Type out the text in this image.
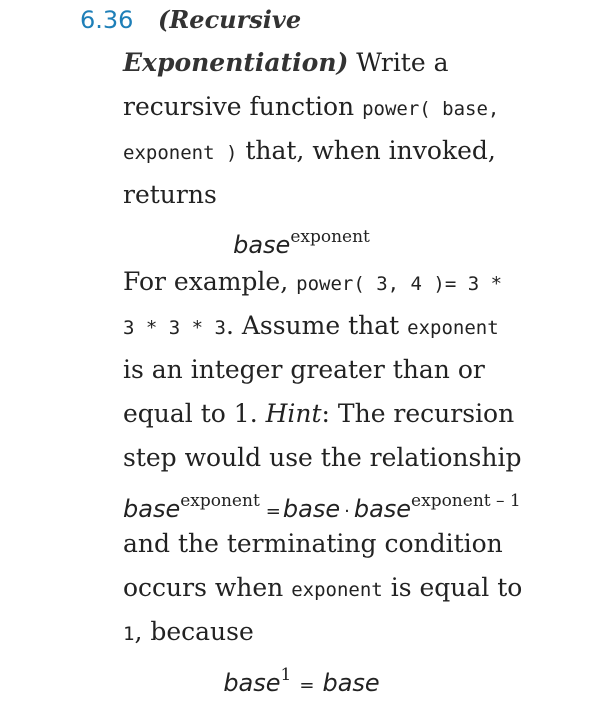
6.36 (Recursive
Exponentiation) Write a
recursive function power( base,
exponent ) that, when invoked,
returns
base$^{exponent}$
For example, power( 3, 4 )= 3 *
3 * 3 * 3. Assume that exponent
is an integer greater than or
equal to 1. Hint: The recursion
step would use the relationship
base$^{exponent}$ =base · base$^{exponent - 1}$
and the terminating condition
occurs when exponent is equal to
1, because
base$^1$ = base
